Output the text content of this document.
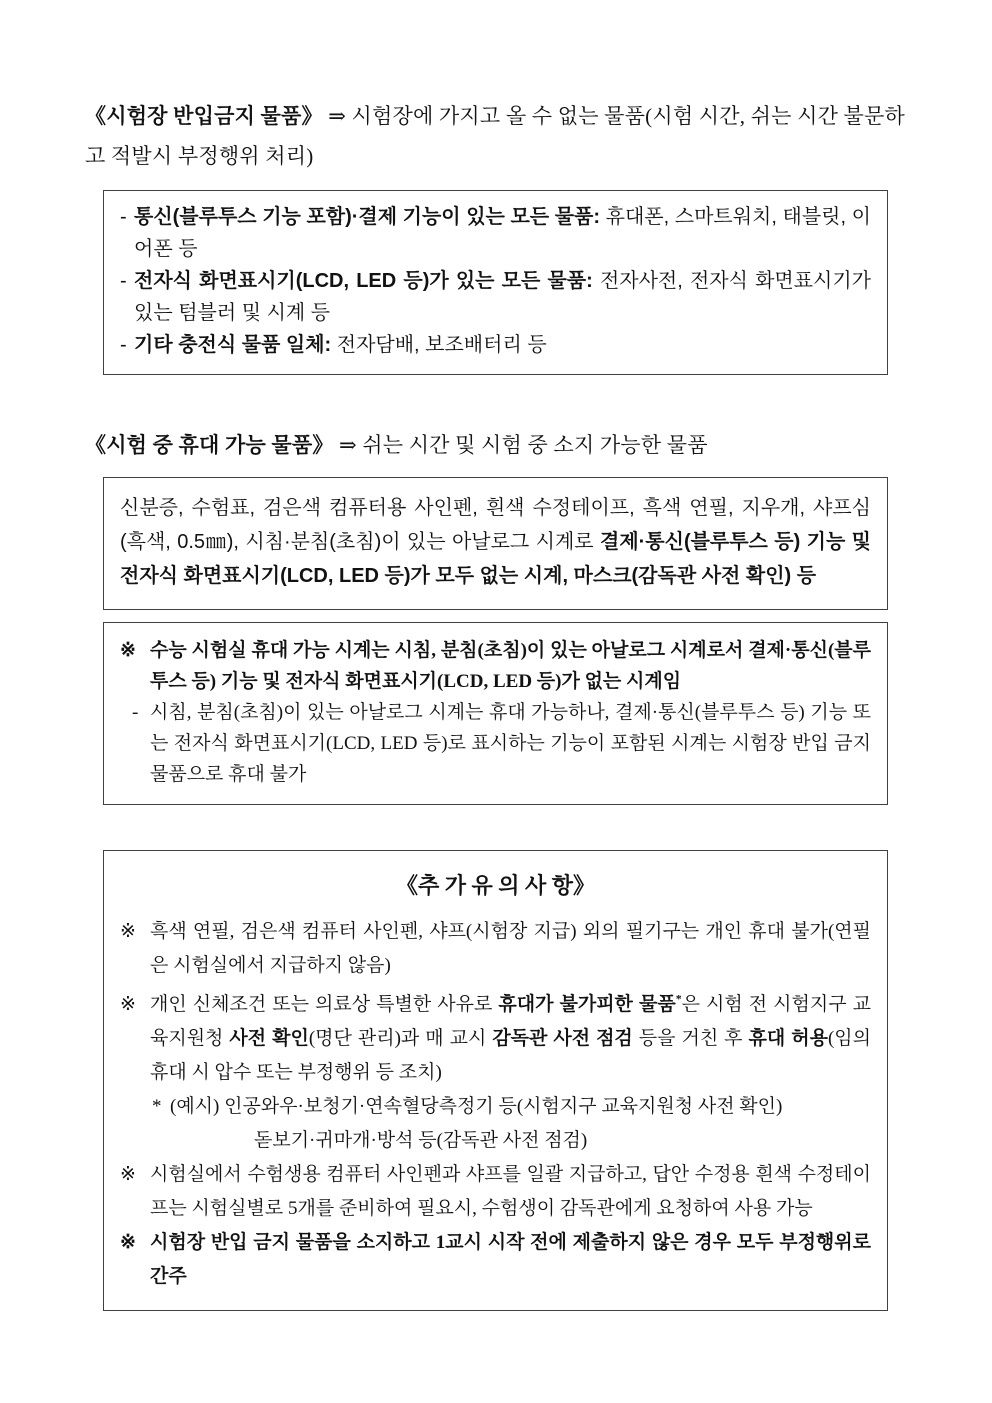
《시험장 반입금지 물품》 ⇒ 시험장에 가지고 올 수 없는 물품(시험 시간, 쉬는 시간 불문하고 적발시 부정행위 처리)
- 통신(블루투스 기능 포함)·결제 기능이 있는 모든 물품: 휴대폰, 스마트워치, 태블릿, 이어폰 등
- 전자식 화면표시기(LCD, LED 등)가 있는 모든 물품: 전자사전, 전자식 화면표시기가 있는 텀블러 및 시계 등
- 기타 충전식 물품 일체: 전자담배, 보조배터리 등
《시험 중 휴대 가능 물품》 ⇒ 쉬는 시간 및 시험 중 소지 가능한 물품
신분증, 수험표, 검은색 컴퓨터용 사인펜, 흰색 수정테이프, 흑색 연필, 지우개, 샤프심(흑색, 0.5㎜), 시침·분침(초침)이 있는 아날로그 시계로 결제·통신(블루투스 등) 기능 및 전자식 화면표시기(LCD, LED 등)가 모두 없는 시계, 마스크(감독관 사전 확인) 등
※ 수능 시험실 휴대 가능 시계는 시침, 분침(초침)이 있는 아날로그 시계로서 결제·통신(블루투스 등) 기능 및 전자식 화면표시기(LCD, LED 등)가 없는 시계임
- 시침, 분침(초침)이 있는 아날로그 시계는 휴대 가능하나, 결제·통신(블루투스 등) 기능 또는 전자식 화면표시기(LCD, LED 등)로 표시하는 기능이 포함된 시계는 시험장 반입 금지 물품으로 휴대 불가
《추 가 유 의 사 항》
※ 흑색 연필, 검은색 컴퓨터 사인펜, 샤프(시험장 지급) 외의 필기구는 개인 휴대 불가(연필은 시험실에서 지급하지 않음)
※ 개인 신체조건 또는 의료상 특별한 사유로 휴대가 불가피한 물품*은 시험 전 시험지구 교육지원청 사전 확인(명단 관리)과 매 교시 감독관 사전 점검 등을 거친 후 휴대 허용(임의 휴대 시 압수 또는 부정행위 등 조치)
* (예시) 인공와우·보청기·연속혈당측정기 등(시험지구 교육지원청 사전 확인)
돋보기·귀마개·방석 등(감독관 사전 점검)
※ 시험실에서 수험생용 컴퓨터 사인펜과 샤프를 일괄 지급하고, 답안 수정용 흰색 수정테이프는 시험실별로 5개를 준비하여 필요시, 수험생이 감독관에게 요청하여 사용 가능
※ 시험장 반입 금지 물품을 소지하고 1교시 시작 전에 제출하지 않은 경우 모두 부정행위로 간주
